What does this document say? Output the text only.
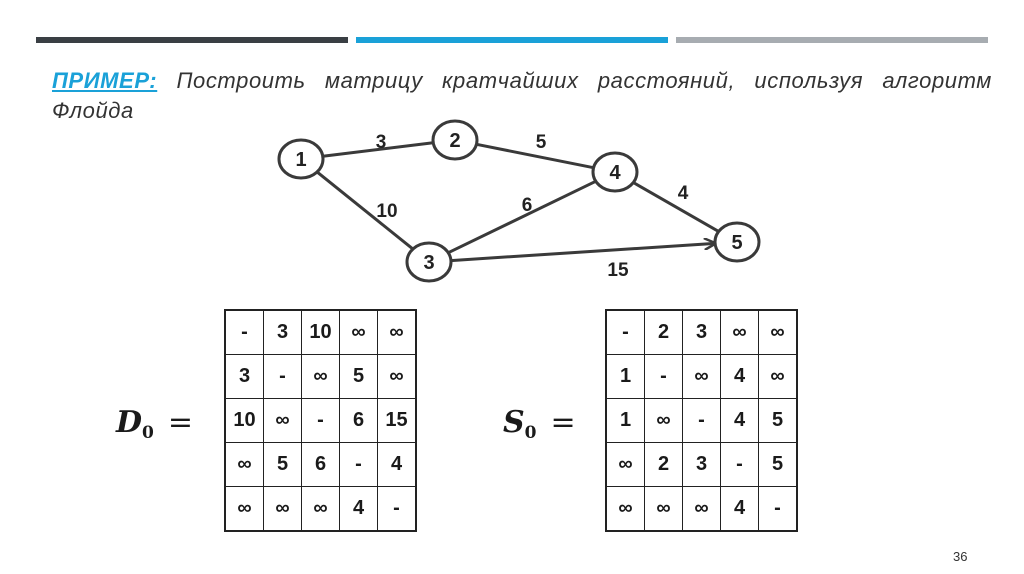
ПРИМЕР: Построить матрицу кратчайших расстояний, используя алгоритм Флойда
3
10
5
6
4
15
1
2
3
4
5
$D_0$ =
-	3	10	∞	∞
3	-	∞	5	∞
10	∞	-	6	15
∞	5	6	-	4
∞	∞	∞	4	-
$S_0$ =
-	2	3	∞	∞
1	-	∞	4	∞
1	∞	-	4	5
∞	2	3	-	5
∞	∞	∞	4	-
36
